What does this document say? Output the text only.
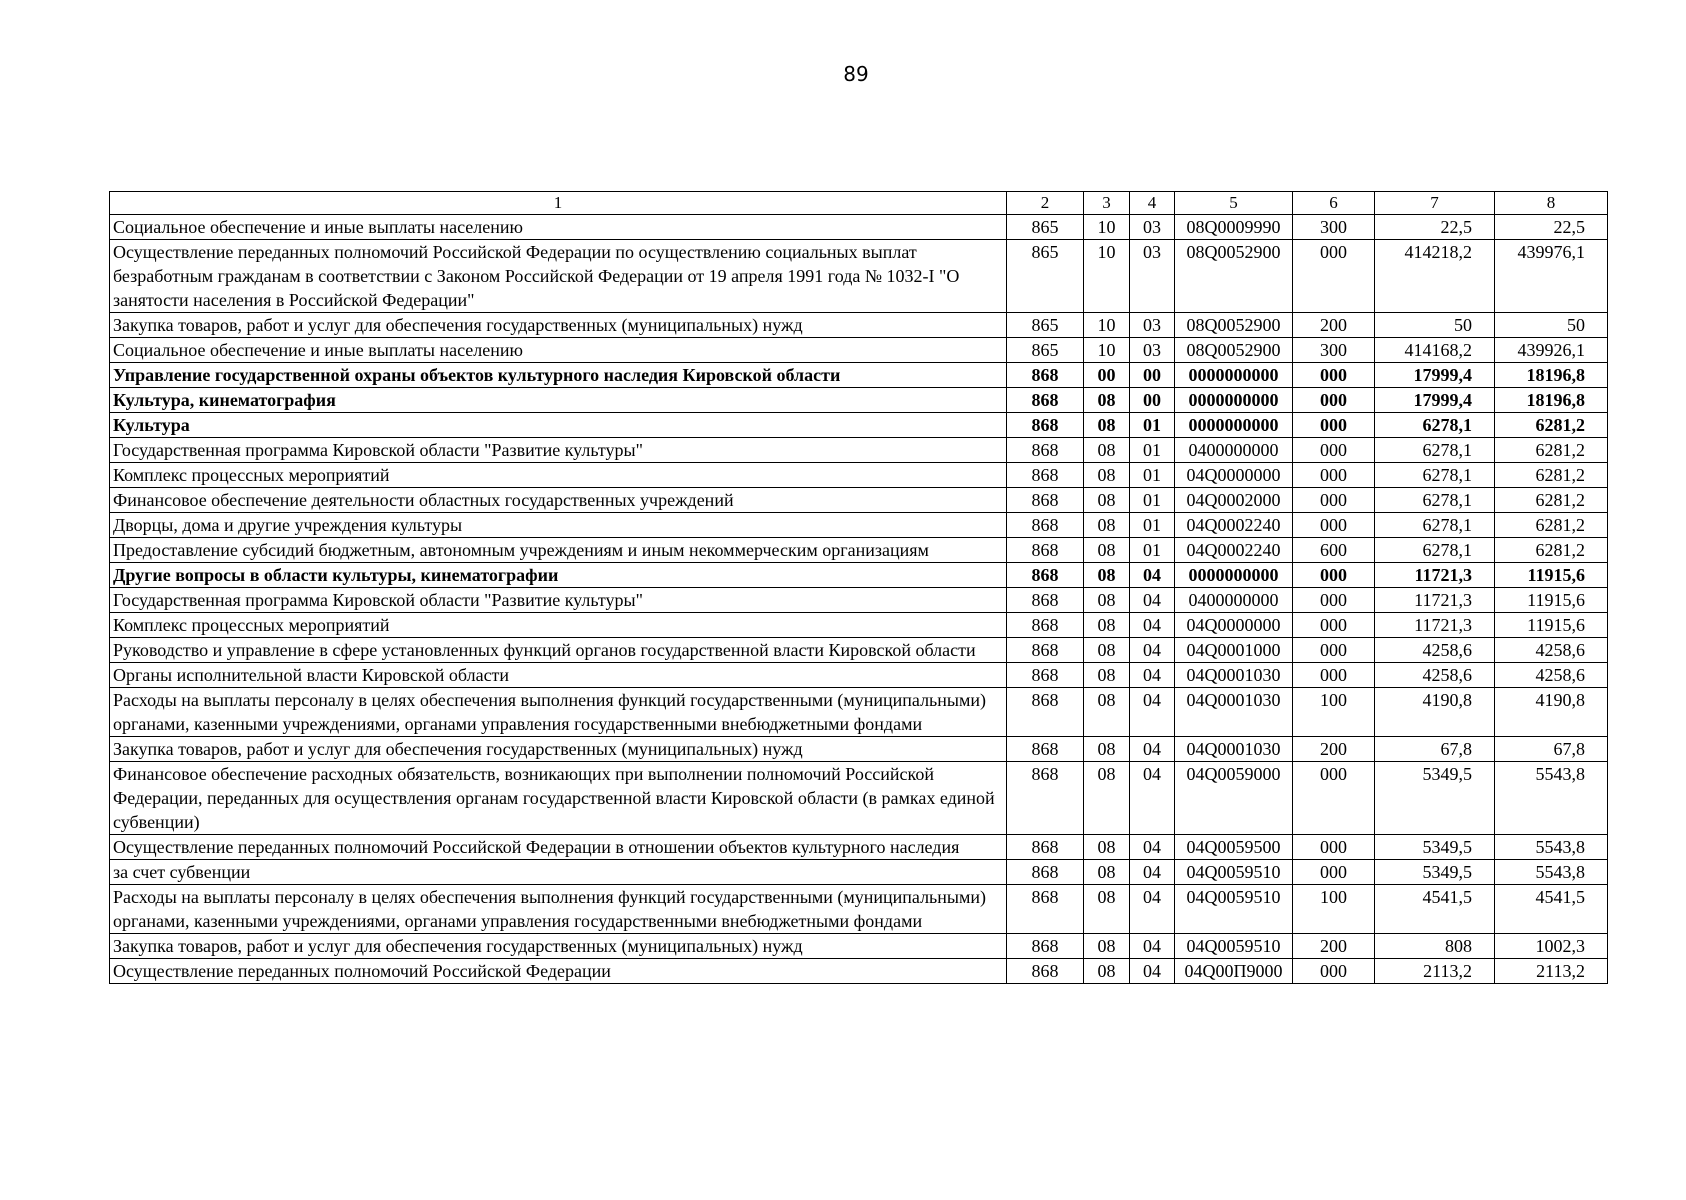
89
1	2	3	4	5	6	7	8
Социальное обеспечение и иные выплаты населению	865	10	03	08Q0009990	300	22,5	22,5
Осуществление переданных полномочий Российской Федерации по осуществлению социальных выплат безработным гражданам в соответствии с Законом Российской Федерации от 19 апреля 1991 года № 1032-I "О занятости населения в Российской Федерации"	865	10	03	08Q0052900	000	414218,2	439976,1
Закупка товаров, работ и услуг для обеспечения государственных (муниципальных) нужд	865	10	03	08Q0052900	200	50	50
Социальное обеспечение и иные выплаты населению	865	10	03	08Q0052900	300	414168,2	439926,1
Управление государственной охраны объектов культурного наследия Кировской области	868	00	00	0000000000	000	17999,4	18196,8
Культура, кинематография	868	08	00	0000000000	000	17999,4	18196,8
Культура	868	08	01	0000000000	000	6278,1	6281,2
Государственная программа Кировской области "Развитие культуры"	868	08	01	0400000000	000	6278,1	6281,2
Комплекс процессных мероприятий	868	08	01	04Q0000000	000	6278,1	6281,2
Финансовое обеспечение деятельности областных государственных учреждений	868	08	01	04Q0002000	000	6278,1	6281,2
Дворцы, дома и другие учреждения культуры	868	08	01	04Q0002240	000	6278,1	6281,2
Предоставление субсидий бюджетным, автономным учреждениям и иным некоммерческим организациям	868	08	01	04Q0002240	600	6278,1	6281,2
Другие вопросы в области культуры, кинематографии	868	08	04	0000000000	000	11721,3	11915,6
Государственная программа Кировской области "Развитие культуры"	868	08	04	0400000000	000	11721,3	11915,6
Комплекс процессных мероприятий	868	08	04	04Q0000000	000	11721,3	11915,6
Руководство и управление в сфере установленных функций органов государственной власти Кировской области	868	08	04	04Q0001000	000	4258,6	4258,6
Органы исполнительной власти Кировской области	868	08	04	04Q0001030	000	4258,6	4258,6
Расходы на выплаты персоналу в целях обеспечения выполнения функций государственными (муниципальными) органами, казенными учреждениями, органами управления государственными внебюджетными фондами	868	08	04	04Q0001030	100	4190,8	4190,8
Закупка товаров, работ и услуг для обеспечения государственных (муниципальных) нужд	868	08	04	04Q0001030	200	67,8	67,8
Финансовое обеспечение расходных обязательств, возникающих при выполнении полномочий Российской Федерации, переданных для осуществления органам государственной власти Кировской области (в рамках единой субвенции)	868	08	04	04Q0059000	000	5349,5	5543,8
Осуществление переданных полномочий Российской Федерации в отношении объектов культурного наследия	868	08	04	04Q0059500	000	5349,5	5543,8
за счет субвенции	868	08	04	04Q0059510	000	5349,5	5543,8
Расходы на выплаты персоналу в целях обеспечения выполнения функций государственными (муниципальными) органами, казенными учреждениями, органами управления государственными внебюджетными фондами	868	08	04	04Q0059510	100	4541,5	4541,5
Закупка товаров, работ и услуг для обеспечения государственных (муниципальных) нужд	868	08	04	04Q0059510	200	808	1002,3
Осуществление переданных полномочий Российской Федерации	868	08	04	04Q00П9000	000	2113,2	2113,2
